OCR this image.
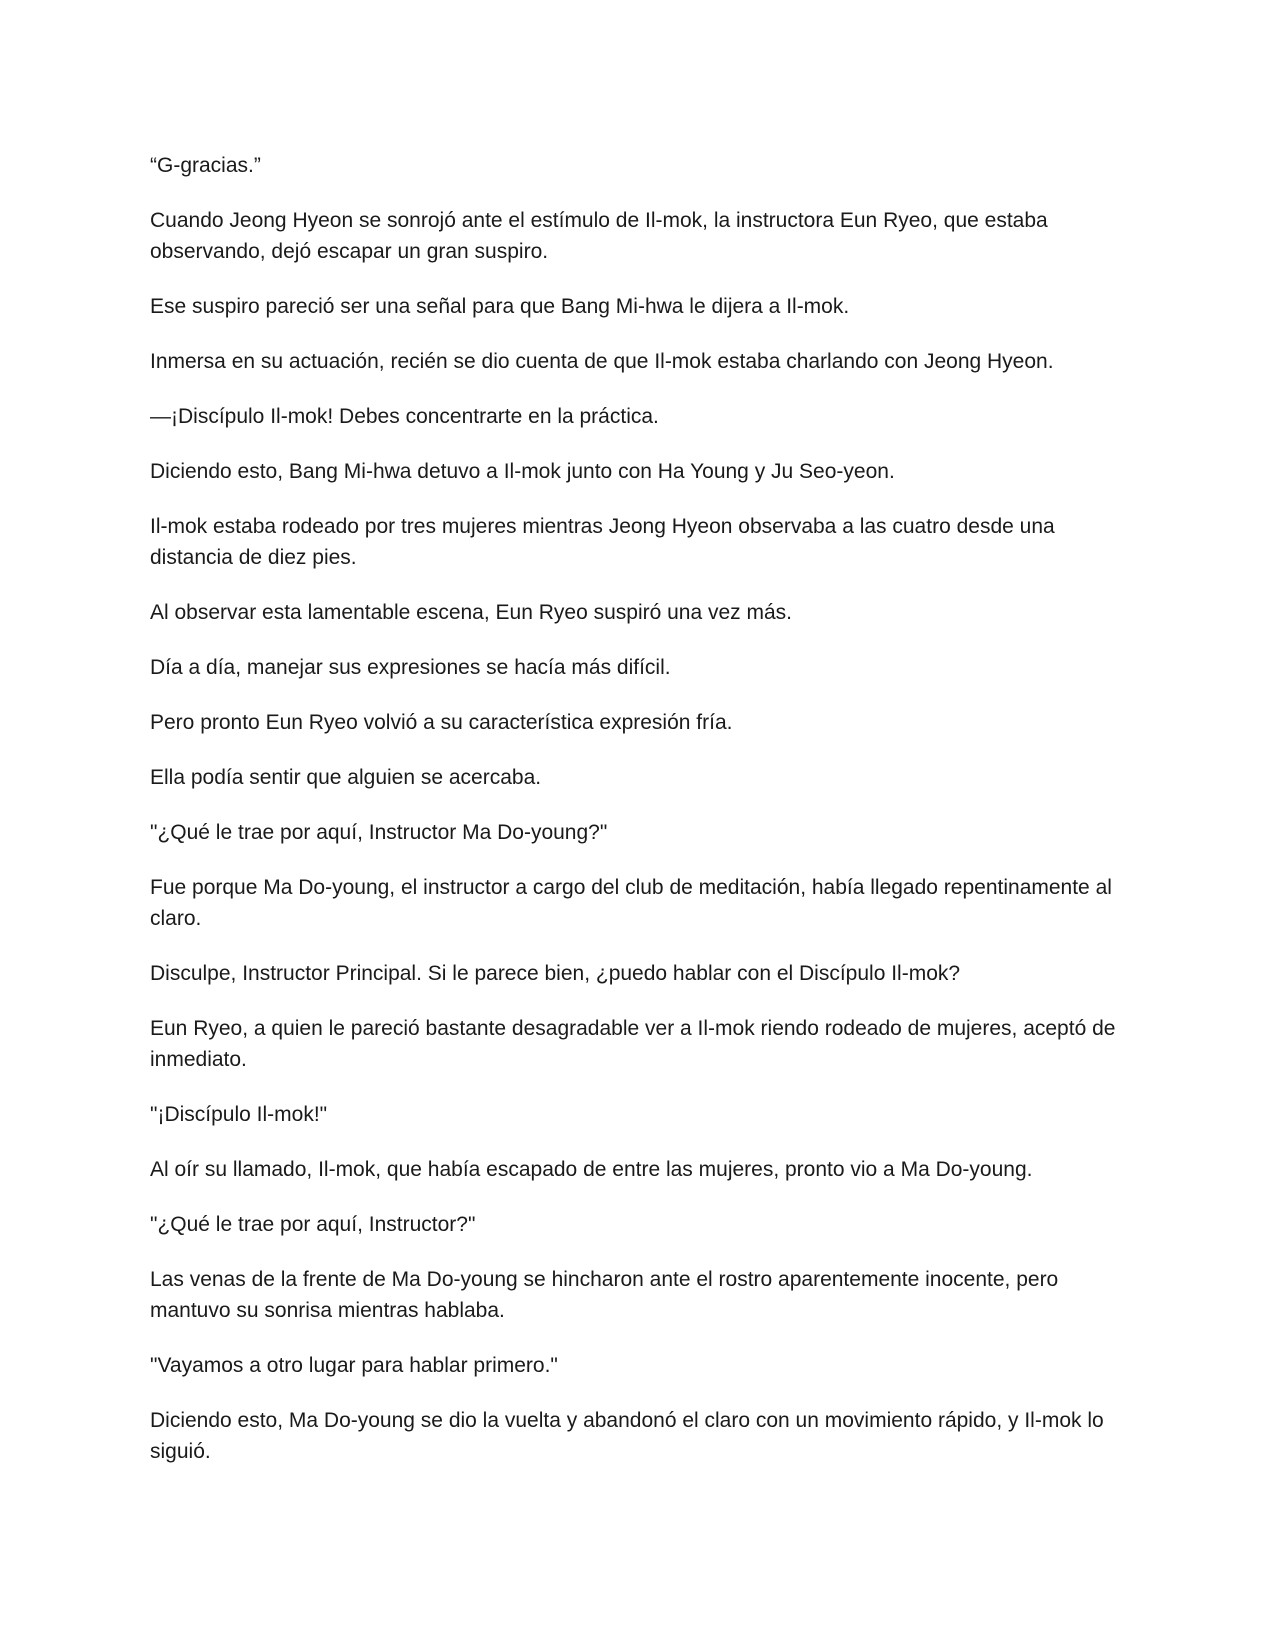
“G-gracias.”

Cuando Jeong Hyeon se sonrojó ante el estímulo de Il-mok, la instructora Eun Ryeo, que estaba observando, dejó escapar un gran suspiro.

Ese suspiro pareció ser una señal para que Bang Mi-hwa le dijera a Il-mok.

Inmersa en su actuación, recién se dio cuenta de que Il-mok estaba charlando con Jeong Hyeon.

—¡Discípulo Il-mok! Debes concentrarte en la práctica.

Diciendo esto, Bang Mi-hwa detuvo a Il-mok junto con Ha Young y Ju Seo-yeon.

Il-mok estaba rodeado por tres mujeres mientras Jeong Hyeon observaba a las cuatro desde una distancia de diez pies.

Al observar esta lamentable escena, Eun Ryeo suspiró una vez más.

Día a día, manejar sus expresiones se hacía más difícil.

Pero pronto Eun Ryeo volvió a su característica expresión fría.

Ella podía sentir que alguien se acercaba.

"¿Qué le trae por aquí, Instructor Ma Do-young?"

Fue porque Ma Do-young, el instructor a cargo del club de meditación, había llegado repentinamente al claro.

Disculpe, Instructor Principal. Si le parece bien, ¿puedo hablar con el Discípulo Il-mok?

Eun Ryeo, a quien le pareció bastante desagradable ver a Il-mok riendo rodeado de mujeres, aceptó de inmediato.

"¡Discípulo Il-mok!"

Al oír su llamado, Il-mok, que había escapado de entre las mujeres, pronto vio a Ma Do-young.

"¿Qué le trae por aquí, Instructor?"

Las venas de la frente de Ma Do-young se hincharon ante el rostro aparentemente inocente, pero mantuvo su sonrisa mientras hablaba.

"Vayamos a otro lugar para hablar primero."

Diciendo esto, Ma Do-young se dio la vuelta y abandonó el claro con un movimiento rápido, y Il-mok lo siguió.
